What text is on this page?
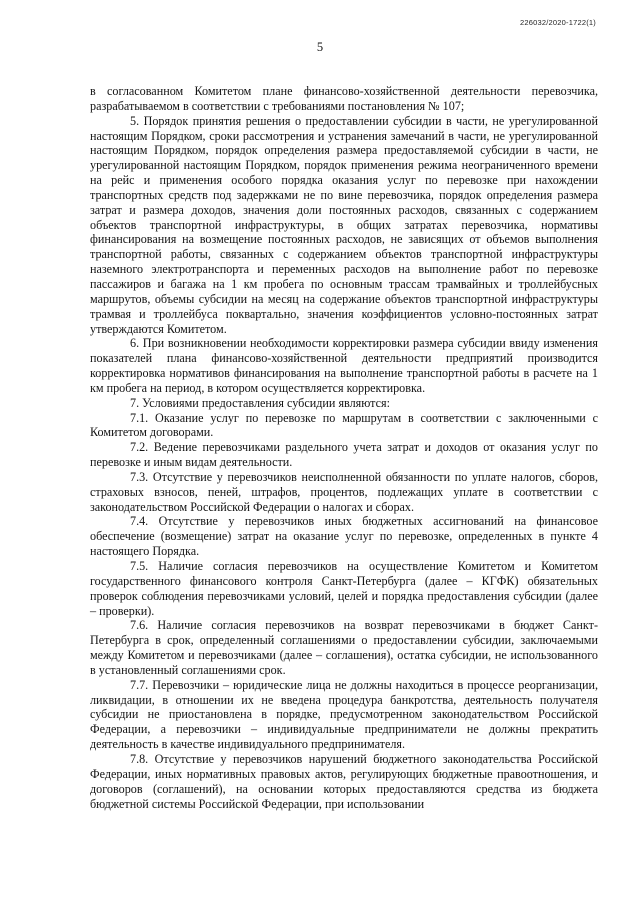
226032/2020-1722(1)
5

в согласованном Комитетом плане финансово-хозяйственной деятельности перевозчика, разрабатываемом в соответствии с требованиями постановления № 107;

5. Порядок принятия решения о предоставлении субсидии в части, не урегулированной настоящим Порядком, сроки рассмотрения и устранения замечаний в части, не урегулированной настоящим Порядком, порядок определения размера предоставляемой субсидии в части, не урегулированной настоящим Порядком, порядок применения режима неограниченного времени на рейс и применения особого порядка оказания услуг по перевозке при нахождении транспортных средств под задержками не по вине перевозчика, порядок определения размера затрат и размера доходов, значения доли постоянных расходов, связанных с содержанием объектов транспортной инфраструктуры, в общих затратах перевозчика, нормативы финансирования на возмещение постоянных расходов, не зависящих от объемов выполнения транспортной работы, связанных с содержанием объектов транспортной инфраструктуры наземного электротранспорта и переменных расходов на выполнение работ по перевозке пассажиров и багажа на 1 км пробега по основным трассам трамвайных и троллейбусных маршрутов, объемы субсидии на месяц на содержание объектов транспортной инфраструктуры трамвая и троллейбуса поквартально, значения коэффициентов условно-постоянных затрат утверждаются Комитетом.

6. При возникновении необходимости корректировки размера субсидии ввиду изменения показателей плана финансово-хозяйственной деятельности предприятий производится корректировка нормативов финансирования на выполнение транспортной работы в расчете на 1 км пробега на период, в котором осуществляется корректировка.

7. Условиями предоставления субсидии являются:

7.1. Оказание услуг по перевозке по маршрутам в соответствии с заключенными с Комитетом договорами.

7.2. Ведение перевозчиками раздельного учета затрат и доходов от оказания услуг по перевозке и иным видам деятельности.

7.3. Отсутствие у перевозчиков неисполненной обязанности по уплате налогов, сборов, страховых взносов, пеней, штрафов, процентов, подлежащих уплате в соответствии с законодательством Российской Федерации о налогах и сборах.

7.4. Отсутствие у перевозчиков иных бюджетных ассигнований на финансовое обеспечение (возмещение) затрат на оказание услуг по перевозке, определенных в пункте 4 настоящего Порядка.

7.5. Наличие согласия перевозчиков на осуществление Комитетом и Комитетом государственного финансового контроля Санкт-Петербурга (далее – КГФК) обязательных проверок соблюдения перевозчиками условий, целей и порядка предоставления субсидии (далее – проверки).

7.6. Наличие согласия перевозчиков на возврат перевозчиками в бюджет Санкт-Петербурга в срок, определенный соглашениями о предоставлении субсидии, заключаемыми между Комитетом и перевозчиками (далее – соглашения), остатка субсидии, не использованного в установленный соглашениями срок.

7.7. Перевозчики – юридические лица не должны находиться в процессе реорганизации, ликвидации, в отношении их не введена процедура банкротства, деятельность получателя субсидии не приостановлена в порядке, предусмотренном законодательством Российской Федерации, а перевозчики – индивидуальные предприниматели не должны прекратить деятельность в качестве индивидуального предпринимателя.

7.8. Отсутствие у перевозчиков нарушений бюджетного законодательства Российской Федерации, иных нормативных правовых актов, регулирующих бюджетные правоотношения, и договоров (соглашений), на основании которых предоставляются средства из бюджета бюджетной системы Российской Федерации, при использовании
